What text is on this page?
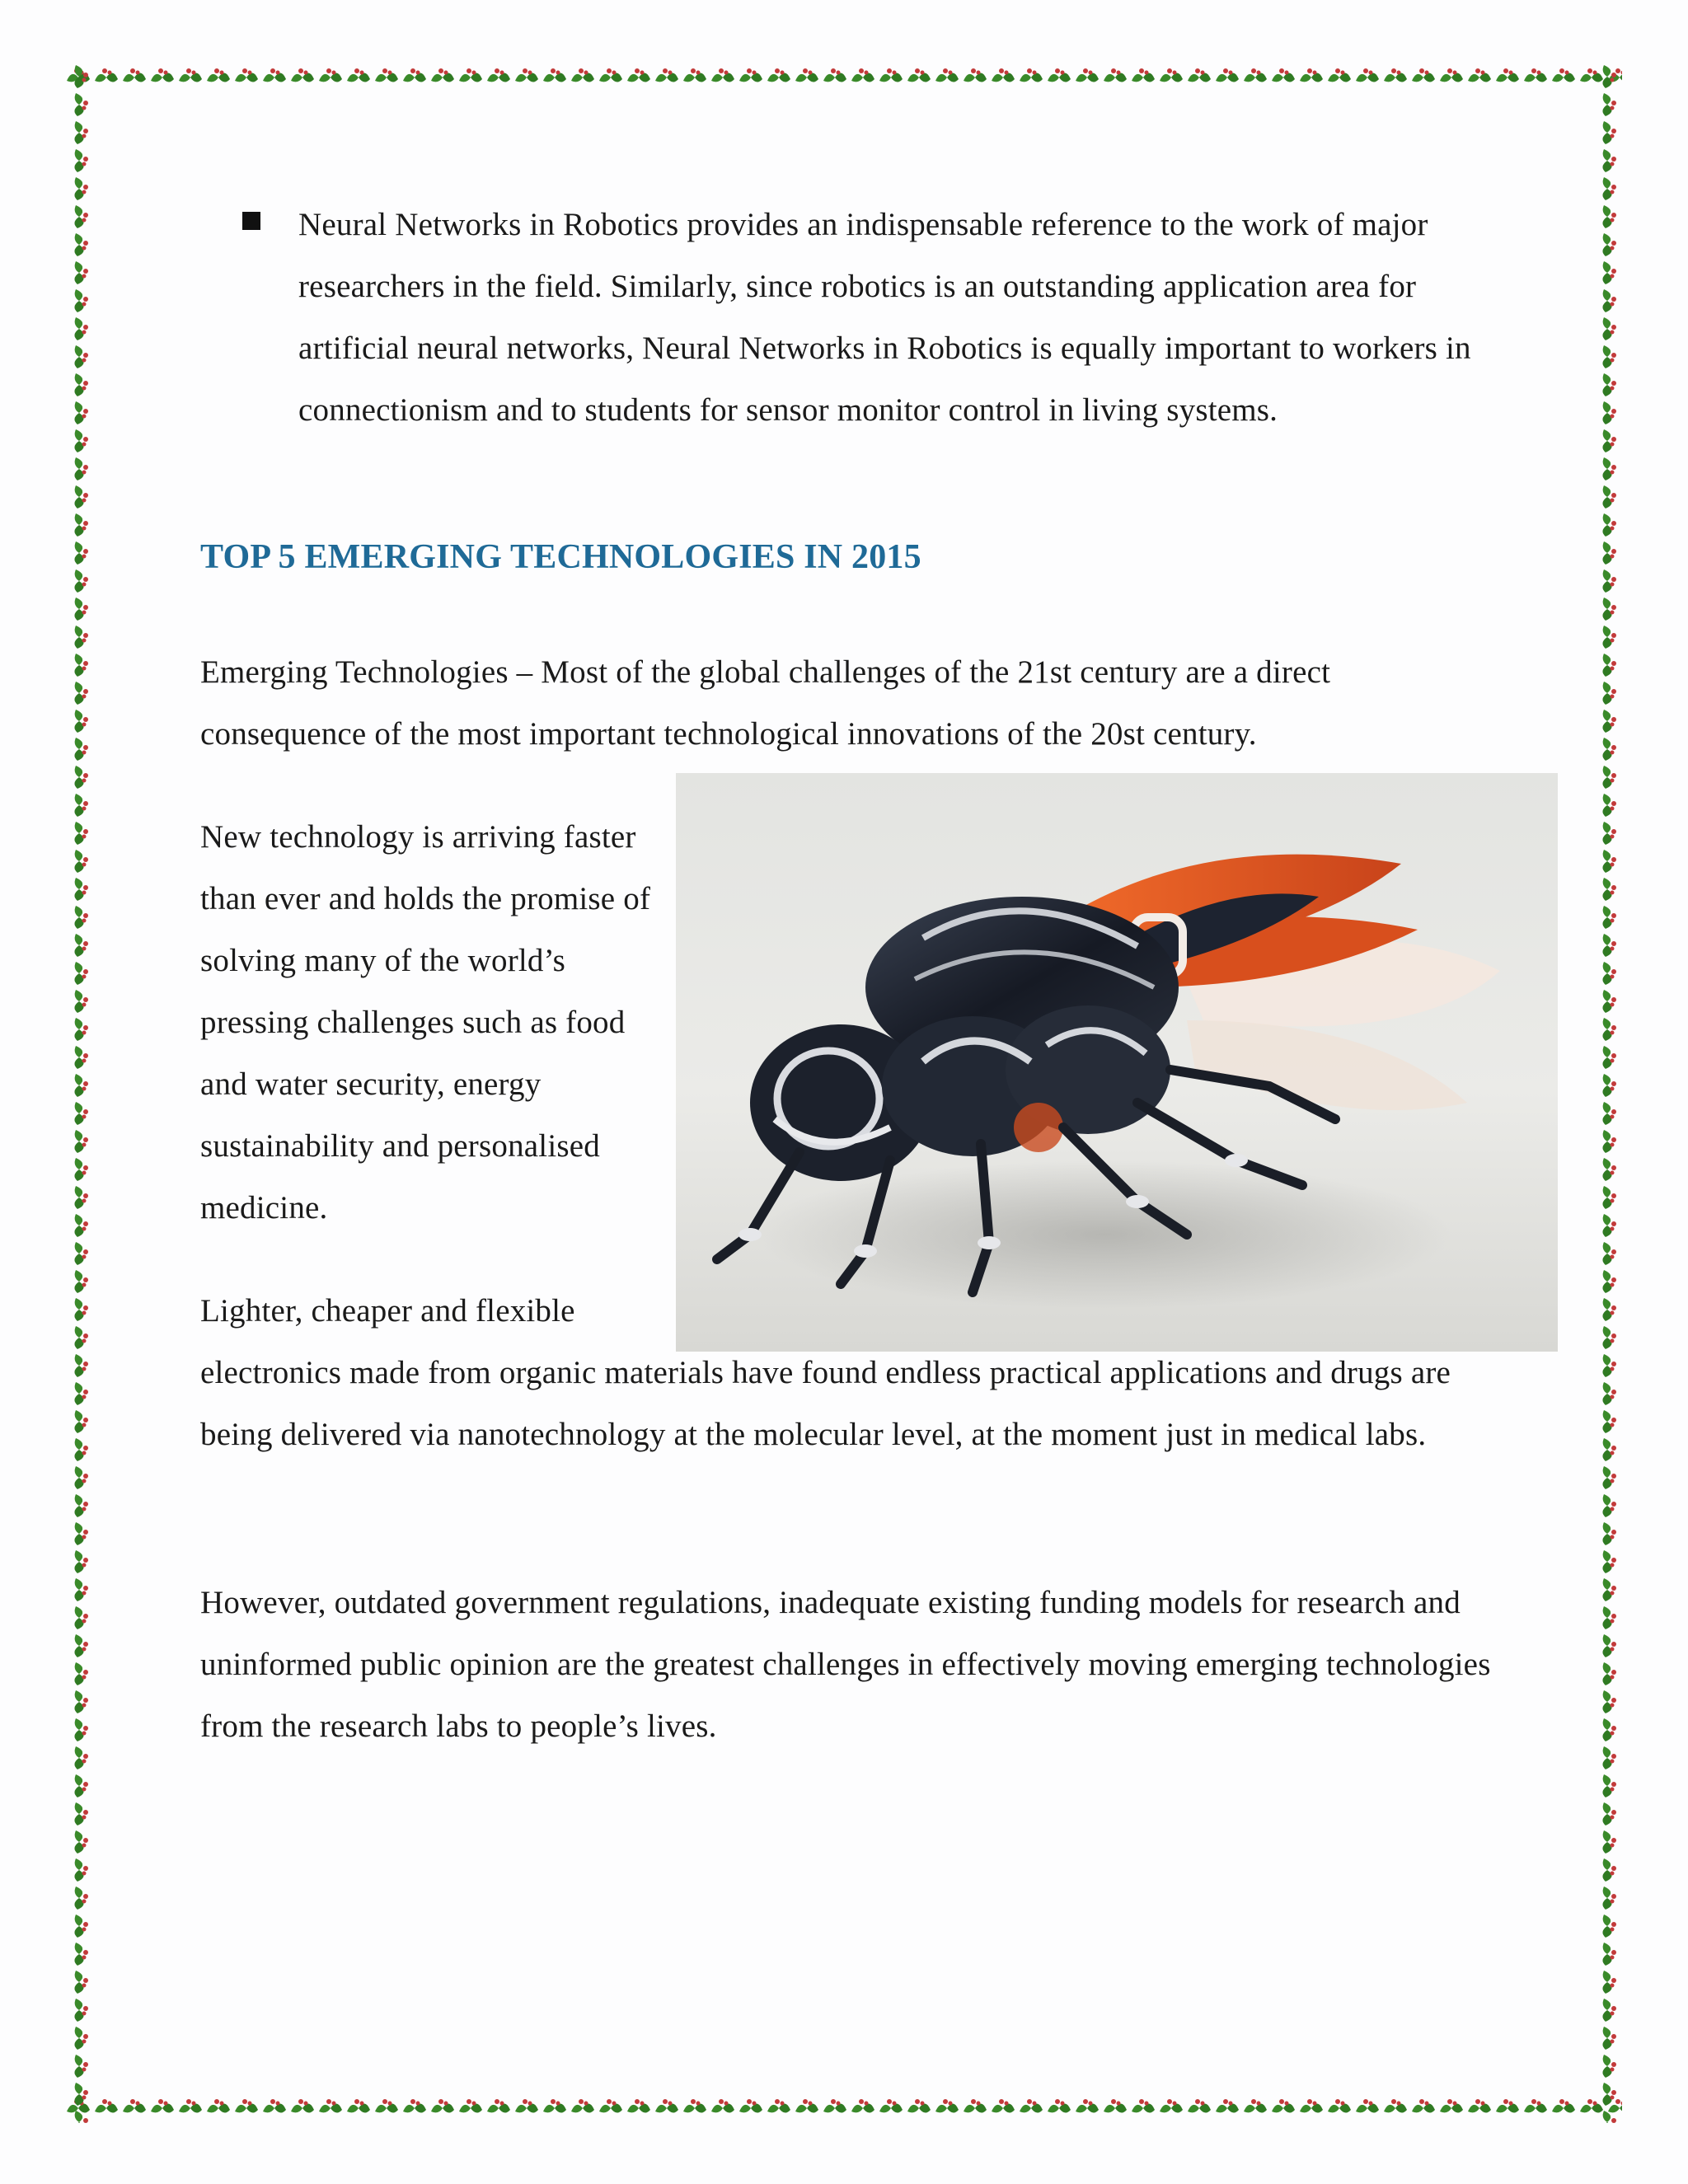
Neural Networks in Robotics provides an indispensable reference to the work of major researchers in the field. Similarly, since robotics is an outstanding application area for artificial neural networks, Neural Networks in Robotics is equally important to workers in connectionism and to students for sensor monitor control in living systems.

TOP 5 EMERGING TECHNOLOGIES IN 2015

Emerging Technologies – Most of the global challenges of the 21st century are a direct consequence of the most important technological innovations of the 20st century.

New technology is arriving faster than ever and holds the promise of solving many of the world’s pressing challenges such as food and water security, energy sustainability and personalised medicine.

Lighter, cheaper and flexible

electronics made from organic materials have found endless practical applications and drugs are being delivered via nanotechnology at the molecular level, at the moment just in medical labs.

However, outdated government regulations, inadequate existing funding models for research and uninformed public opinion are the greatest challenges in effectively moving emerging technologies from the research labs to people’s lives.
